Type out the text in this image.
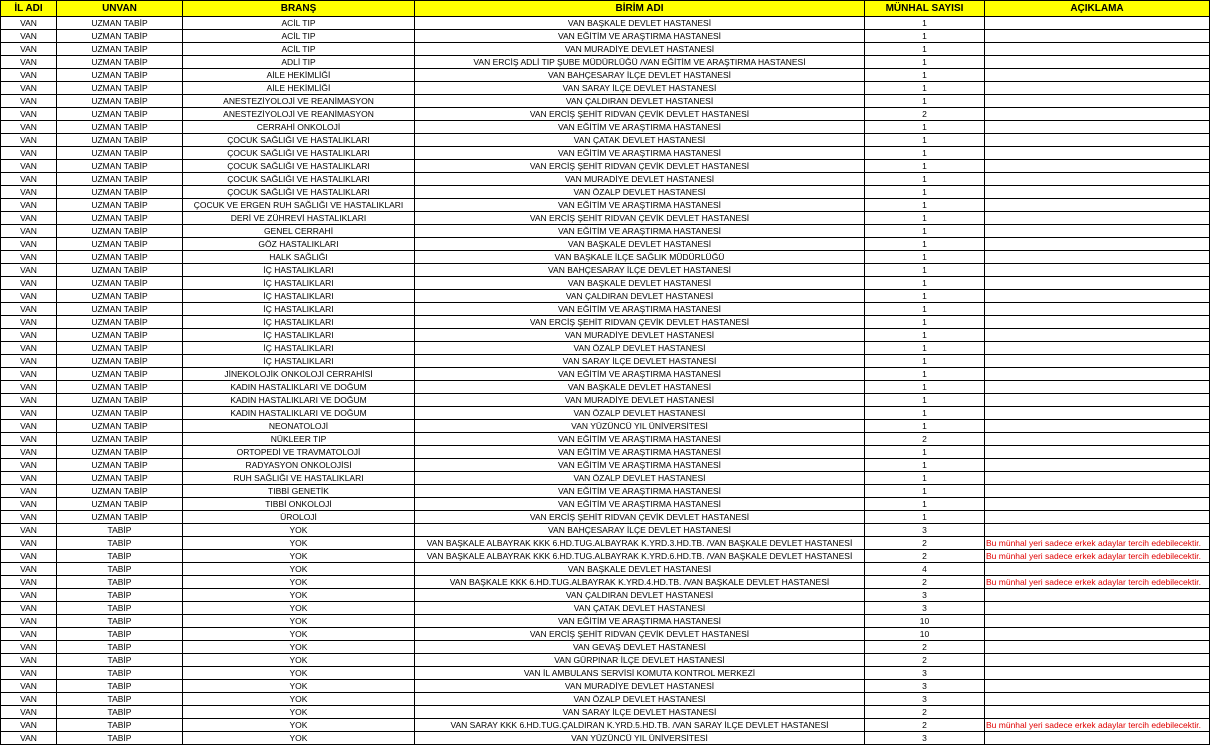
İL ADI	UNVAN	BRANŞ	BİRİM ADI	MÜNHAL SAYISI	AÇIKLAMA
VAN	UZMAN TABİP	ACİL TIP	VAN BAŞKALE DEVLET HASTANESİ	1	
VAN	UZMAN TABİP	ACİL TIP	VAN EĞİTİM VE ARAŞTIRMA HASTANESİ	1	
VAN	UZMAN TABİP	ACİL TIP	VAN MURADİYE DEVLET HASTANESİ	1	
VAN	UZMAN TABİP	ADLİ TIP	VAN ERCİŞ ADLİ TIP ŞUBE MÜDÜRLÜĞÜ /VAN EĞİTİM VE ARAŞTIRMA HASTANESİ	1	
VAN	UZMAN TABİP	AİLE HEKİMLİĞİ	VAN BAHÇESARAY İLÇE DEVLET HASTANESİ	1	
VAN	UZMAN TABİP	AİLE HEKİMLİĞİ	VAN SARAY İLÇE DEVLET HASTANESİ	1	
VAN	UZMAN TABİP	ANESTEZİYOLOJİ VE REANİMASYON	VAN ÇALDIRAN DEVLET HASTANESİ	1	
VAN	UZMAN TABİP	ANESTEZİYOLOJİ VE REANİMASYON	VAN ERCİŞ ŞEHİT RIDVAN ÇEVİK DEVLET HASTANESİ	2	
VAN	UZMAN TABİP	CERRAHİ ONKOLOJİ	VAN EĞİTİM VE ARAŞTIRMA HASTANESİ	1	
VAN	UZMAN TABİP	ÇOCUK SAĞLIĞI VE HASTALIKLARI	VAN ÇATAK DEVLET HASTANESİ	1	
VAN	UZMAN TABİP	ÇOCUK SAĞLIĞI VE HASTALIKLARI	VAN EĞİTİM VE ARAŞTIRMA HASTANESİ	1	
VAN	UZMAN TABİP	ÇOCUK SAĞLIĞI VE HASTALIKLARI	VAN ERCİŞ ŞEHİT RIDVAN ÇEVİK DEVLET HASTANESİ	1	
VAN	UZMAN TABİP	ÇOCUK SAĞLIĞI VE HASTALIKLARI	VAN MURADİYE DEVLET HASTANESİ	1	
VAN	UZMAN TABİP	ÇOCUK SAĞLIĞI VE HASTALIKLARI	VAN ÖZALP DEVLET HASTANESİ	1	
VAN	UZMAN TABİP	ÇOCUK VE ERGEN RUH SAĞLIĞI VE HASTALIKLARI	VAN EĞİTİM VE ARAŞTIRMA HASTANESİ	1	
VAN	UZMAN TABİP	DERİ VE ZÜHREVİ HASTALIKLARI	VAN ERCİŞ ŞEHİT RIDVAN ÇEVİK DEVLET HASTANESİ	1	
VAN	UZMAN TABİP	GENEL CERRAHİ	VAN EĞİTİM VE ARAŞTIRMA HASTANESİ	1	
VAN	UZMAN TABİP	GÖZ HASTALIKLARI	VAN BAŞKALE DEVLET HASTANESİ	1	
VAN	UZMAN TABİP	HALK SAĞLIĞI	VAN BAŞKALE İLÇE SAĞLIK MÜDÜRLÜĞÜ	1	
VAN	UZMAN TABİP	İÇ HASTALIKLARI	VAN BAHÇESARAY İLÇE DEVLET HASTANESİ	1	
VAN	UZMAN TABİP	İÇ HASTALIKLARI	VAN BAŞKALE DEVLET HASTANESİ	1	
VAN	UZMAN TABİP	İÇ HASTALIKLARI	VAN ÇALDIRAN DEVLET HASTANESİ	1	
VAN	UZMAN TABİP	İÇ HASTALIKLARI	VAN EĞİTİM VE ARAŞTIRMA HASTANESİ	1	
VAN	UZMAN TABİP	İÇ HASTALIKLARI	VAN ERCİŞ ŞEHİT RIDVAN ÇEVİK DEVLET HASTANESİ	1	
VAN	UZMAN TABİP	İÇ HASTALIKLARI	VAN MURADİYE DEVLET HASTANESİ	1	
VAN	UZMAN TABİP	İÇ HASTALIKLARI	VAN ÖZALP DEVLET HASTANESİ	1	
VAN	UZMAN TABİP	İÇ HASTALIKLARI	VAN SARAY İLÇE DEVLET HASTANESİ	1	
VAN	UZMAN TABİP	JİNEKOLOJİK ONKOLOJİ CERRAHİSİ	VAN EĞİTİM VE ARAŞTIRMA HASTANESİ	1	
VAN	UZMAN TABİP	KADIN HASTALIKLARI VE DOĞUM	VAN BAŞKALE DEVLET HASTANESİ	1	
VAN	UZMAN TABİP	KADIN HASTALIKLARI VE DOĞUM	VAN MURADİYE DEVLET HASTANESİ	1	
VAN	UZMAN TABİP	KADIN HASTALIKLARI VE DOĞUM	VAN ÖZALP DEVLET HASTANESİ	1	
VAN	UZMAN TABİP	NEONATOLOJİ	VAN YÜZÜNCÜ YIL ÜNİVERSİTESİ	1	
VAN	UZMAN TABİP	NÜKLEER TIP	VAN EĞİTİM VE ARAŞTIRMA HASTANESİ	2	
VAN	UZMAN TABİP	ORTOPEDİ VE TRAVMATOLOJİ	VAN EĞİTİM VE ARAŞTIRMA HASTANESİ	1	
VAN	UZMAN TABİP	RADYASYON ONKOLOJİSİ	VAN EĞİTİM VE ARAŞTIRMA HASTANESİ	1	
VAN	UZMAN TABİP	RUH SAĞLIĞI VE HASTALIKLARI	VAN ÖZALP DEVLET HASTANESİ	1	
VAN	UZMAN TABİP	TIBBİ GENETİK	VAN EĞİTİM VE ARAŞTIRMA HASTANESİ	1	
VAN	UZMAN TABİP	TIBBİ ONKOLOJİ	VAN EĞİTİM VE ARAŞTIRMA HASTANESİ	1	
VAN	UZMAN TABİP	ÜROLOJİ	VAN ERCİŞ ŞEHİT RIDVAN ÇEVİK DEVLET HASTANESİ	1	
VAN	TABİP	YOK	VAN BAHÇESARAY İLÇE DEVLET HASTANESİ	3	
VAN	TABİP	YOK	VAN BAŞKALE ALBAYRAK KKK 6.HD.TUG.ALBAYRAK K.YRD.3.HD.TB. /VAN BAŞKALE DEVLET HASTANESİ	2	Bu münhal yeri sadece erkek adaylar tercih edebilecektir.
VAN	TABİP	YOK	VAN BAŞKALE ALBAYRAK KKK 6.HD.TUG.ALBAYRAK K.YRD.6.HD.TB. /VAN BAŞKALE DEVLET HASTANESİ	2	Bu münhal yeri sadece erkek adaylar tercih edebilecektir.
VAN	TABİP	YOK	VAN BAŞKALE DEVLET HASTANESİ	4	
VAN	TABİP	YOK	VAN BAŞKALE KKK 6.HD.TUG.ALBAYRAK K.YRD.4.HD.TB. /VAN BAŞKALE DEVLET HASTANESİ	2	Bu münhal yeri sadece erkek adaylar tercih edebilecektir.
VAN	TABİP	YOK	VAN ÇALDIRAN DEVLET HASTANESİ	3	
VAN	TABİP	YOK	VAN ÇATAK DEVLET HASTANESİ	3	
VAN	TABİP	YOK	VAN EĞİTİM VE ARAŞTIRMA HASTANESİ	10	
VAN	TABİP	YOK	VAN ERCİŞ ŞEHİT RIDVAN ÇEVİK DEVLET HASTANESİ	10	
VAN	TABİP	YOK	VAN GEVAŞ DEVLET HASTANESİ	2	
VAN	TABİP	YOK	VAN GÜRPINAR İLÇE DEVLET HASTANESİ	2	
VAN	TABİP	YOK	VAN İL AMBULANS SERVİSİ KOMUTA KONTROL MERKEZİ	3	
VAN	TABİP	YOK	VAN MURADİYE DEVLET HASTANESİ	3	
VAN	TABİP	YOK	VAN ÖZALP DEVLET HASTANESİ	3	
VAN	TABİP	YOK	VAN SARAY İLÇE DEVLET HASTANESİ	2	
VAN	TABİP	YOK	VAN SARAY KKK 6.HD.TUG.ÇALDIRAN K.YRD.5.HD.TB. /VAN SARAY İLÇE DEVLET HASTANESİ	2	Bu münhal yeri sadece erkek adaylar tercih edebilecektir.
VAN	TABİP	YOK	VAN YÜZÜNCÜ YIL ÜNİVERSİTESİ	3	
